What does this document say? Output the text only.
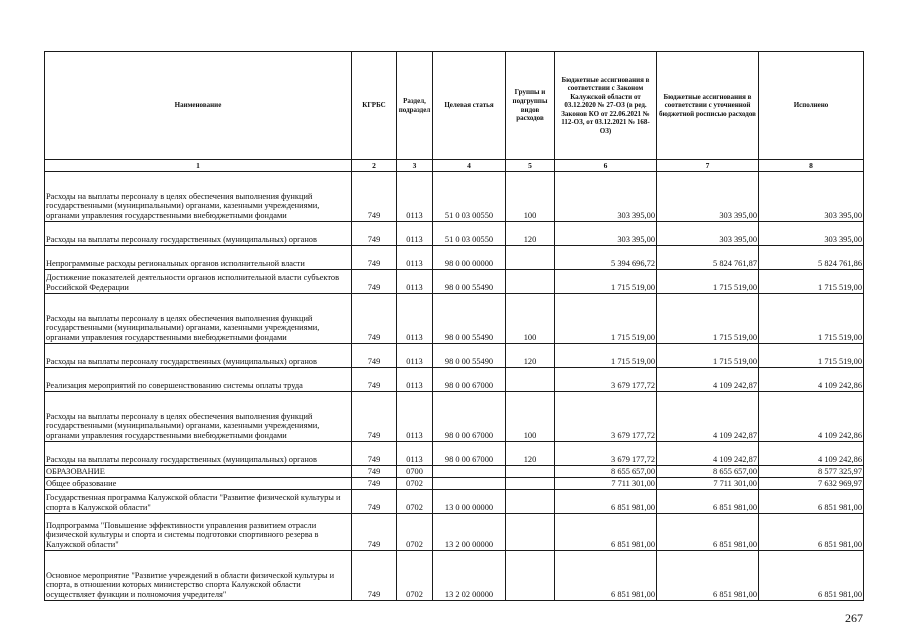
Наименование	КГРБС	Раздел, подраздел	Целевая статья	Группы и подгруппы видов расходов	Бюджетные ассигнования в соответствии с Законом Калужской области от 03.12.2020 № 27-ОЗ (в ред. Законов КО от 22.06.2021 № 112-ОЗ, от 03.12.2021 № 168-ОЗ)	Бюджетные ассигнования в соответствии с уточненной бюджетной росписью расходов	Исполнено
1	2	3	4	5	6	7	8
Расходы на выплаты персоналу в целях обеспечения выполнения функций государственными (муниципальными) органами, казенными учреждениями, органами управления государственными внебюджетными фондами	749	0113	51 0 03 00550	100	303 395,00	303 395,00	303 395,00
Расходы на выплаты персоналу государственных (муниципальных) органов	749	0113	51 0 03 00550	120	303 395,00	303 395,00	303 395,00
Непрограммные расходы региональных органов исполнительной власти	749	0113	98 0 00 00000		5 394 696,72	5 824 761,87	5 824 761,86
Достижение показателей деятельности органов исполнительной власти субъектов Российской Федерации	749	0113	98 0 00 55490		1 715 519,00	1 715 519,00	1 715 519,00
Расходы на выплаты персоналу в целях обеспечения выполнения функций государственными (муниципальными) органами, казенными учреждениями, органами управления государственными внебюджетными фондами	749	0113	98 0 00 55490	100	1 715 519,00	1 715 519,00	1 715 519,00
Расходы на выплаты персоналу государственных (муниципальных) органов	749	0113	98 0 00 55490	120	1 715 519,00	1 715 519,00	1 715 519,00
Реализация мероприятий по совершенствованию системы оплаты труда	749	0113	98 0 00 67000		3 679 177,72	4 109 242,87	4 109 242,86
Расходы на выплаты персоналу в целях обеспечения выполнения функций государственными (муниципальными) органами, казенными учреждениями, органами управления государственными внебюджетными фондами	749	0113	98 0 00 67000	100	3 679 177,72	4 109 242,87	4 109 242,86
Расходы на выплаты персоналу государственных (муниципальных) органов	749	0113	98 0 00 67000	120	3 679 177,72	4 109 242,87	4 109 242,86
ОБРАЗОВАНИЕ	749	0700			8 655 657,00	8 655 657,00	8 577 325,97
Общее образование	749	0702			7 711 301,00	7 711 301,00	7 632 969,97
Государственная программа Калужской области "Развитие физической культуры и спорта в Калужской области"	749	0702	13 0 00 00000		6 851 981,00	6 851 981,00	6 851 981,00
Подпрограмма "Повышение эффективности управления развитием отрасли физической культуры и спорта и системы подготовки спортивного резерва в Калужской области"	749	0702	13 2 00 00000		6 851 981,00	6 851 981,00	6 851 981,00
Основное мероприятие "Развитие учреждений в области физической культуры и спорта, в отношении которых министерство спорта Калужской области осуществляет функции и полномочия учредителя"	749	0702	13 2 02 00000		6 851 981,00	6 851 981,00	6 851 981,00
267
